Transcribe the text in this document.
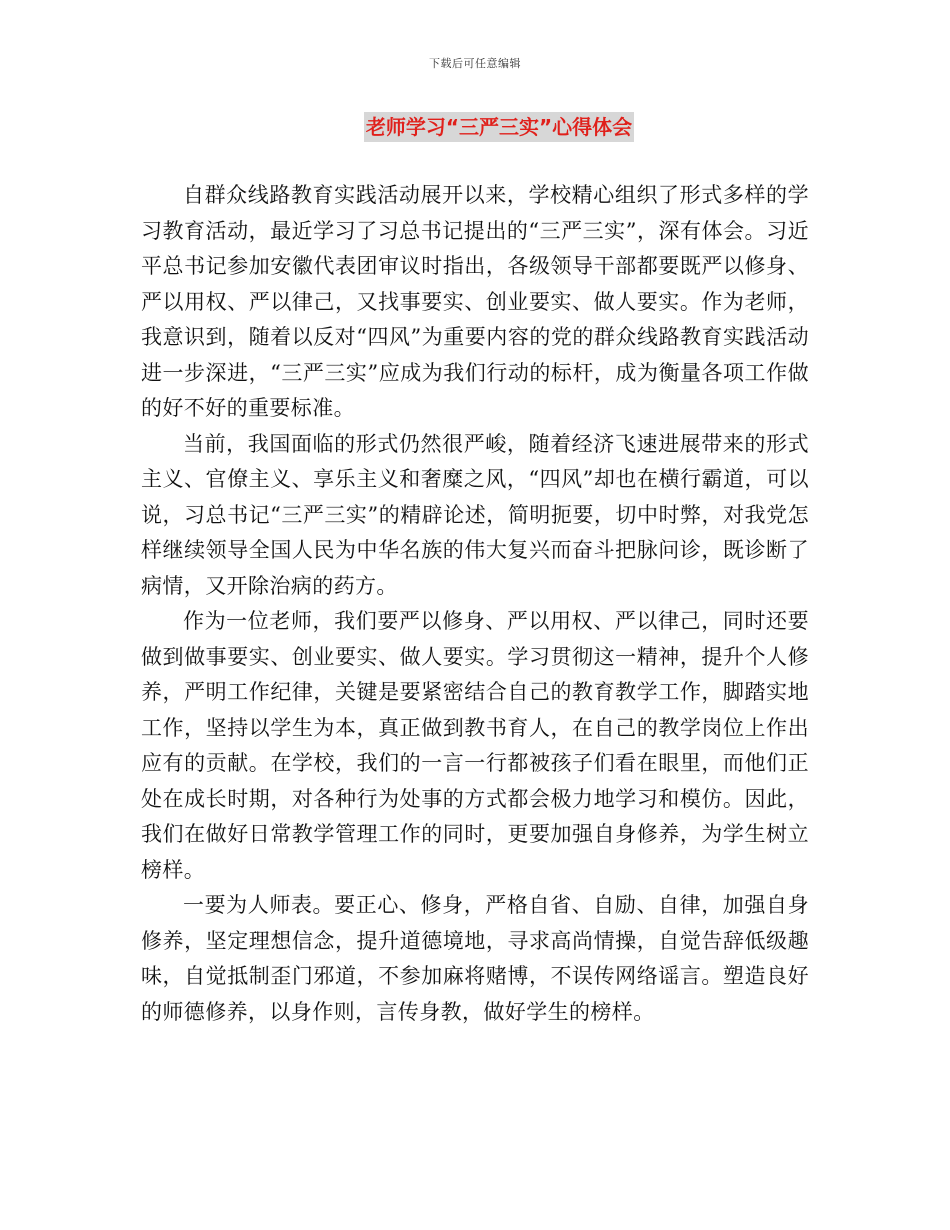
下载后可任意编辑
老师学习“三严三实”心得体会

自群众线路教育实践活动展开以来，学校精心组织了形式多样的学习教育活动，最近学习了习总书记提出的“三严三实”，深有体会。习近平总书记参加安徽代表团审议时指出，各级领导干部都要既严以修身、严以用权、严以律己，又找事要实、创业要实、做人要实。作为老师，我意识到，随着以反对“四风”为重要内容的党的群众线路教育实践活动进一步深进，“三严三实”应成为我们行动的标杆，成为衡量各项工作做的好不好的重要标准。

当前，我国面临的形式仍然很严峻，随着经济飞速进展带来的形式主义、官僚主义、享乐主义和奢糜之风，“四风”却也在横行霸道，可以说，习总书记“三严三实”的精辟论述，简明扼要，切中时弊，对我党怎样继续领导全国人民为中华名族的伟大复兴而奋斗把脉问诊，既诊断了病情，又开除治病的药方。

作为一位老师，我们要严以修身、严以用权、严以律己，同时还要做到做事要实、创业要实、做人要实。学习贯彻这一精神，提升个人修养，严明工作纪律，关键是要紧密结合自己的教育教学工作，脚踏实地工作，坚持以学生为本，真正做到教书育人，在自己的教学岗位上作出应有的贡献。在学校，我们的一言一行都被孩子们看在眼里，而他们正处在成长时期，对各种行为处事的方式都会极力地学习和模仿。因此，我们在做好日常教学管理工作的同时，更要加强自身修养，为学生树立榜样。

一要为人师表。要正心、修身，严格自省、自励、自律，加强自身修养，坚定理想信念，提升道德境地，寻求高尚情操，自觉告辞低级趣味，自觉抵制歪门邪道，不参加麻将赌博，不误传网络谣言。塑造良好的师德修养，以身作则，言传身教，做好学生的榜样。
